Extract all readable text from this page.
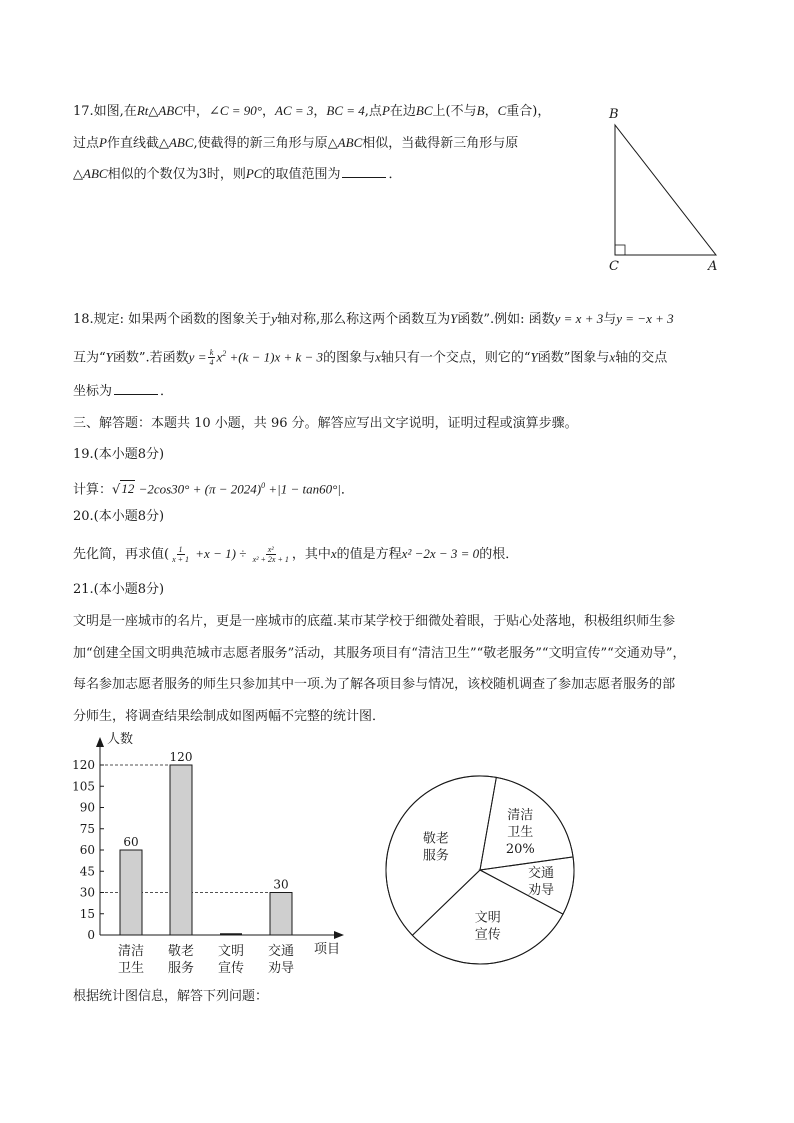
17.如图,在Rt△ABC中，∠C = 90°，AC = 3，BC = 4,点P在边BC上(不与B，C重合)，
过点P作直线截△ABC,使截得的新三角形与原△ABC相似，当截得新三角形与原
△ABC相似的个数仅为3时，则PC的取值范围为	．
B
C	A
18.规定: 如果两个函数的图象关于y轴对称,那么称这两个函数互为Y函数”.例如: 函数y = x + 3与y = −x + 3
互为“Y函数”.若函数$y = \frac{k}{4} x^2 +(k - 1)x + k - 3$的图象与x轴只有一个交点，则它的“Y函数”图象与x轴的交点
坐标为	．
三、解答题：本题共 10 小题，共 96 分。解答应写出文字说明，证明过程或演算步骤。
19.(本小题8分)
计算：$√12 -2\cos 30^\circ + (\pi - 2024)^0 +|1 - \tan 60^\circ|$．
20.(本小题8分)
先化简，再求值( $\frac{1}{x + 1} +x - 1) \div \frac{\text{x²}}{\text{x² + 2x + 1}}$ ，其中x的值是方程x² −2x − 3 = 0的根．
21.(本小题8分)
文明是一座城市的名片，更是一座城市的底蕴.某市某学校于细微处着眼，于贴心处落地，积极组织师生参
加“创建全国文明典范城市志愿者服务”活动，其服务项目有“清洁卫生”“敬老服务”“文明宣传”“交通劝导”，
每名参加志愿者服务的师生只参加其中一项.为了解各项目参与情况，该校随机调查了参加志愿者服务的部
分师生，将调查结果绘制成如图两幅不完整的统计图．
人数
项目
0
15
30
45
60
75
90
105
120
60
清洁
卫生
120
敬老
服务
文明
宣传
30
交通
劝导
清洁
卫生
20%
交通
劝导
文明
宣传
敬老
服务
根据统计图信息，解答下列问题：
